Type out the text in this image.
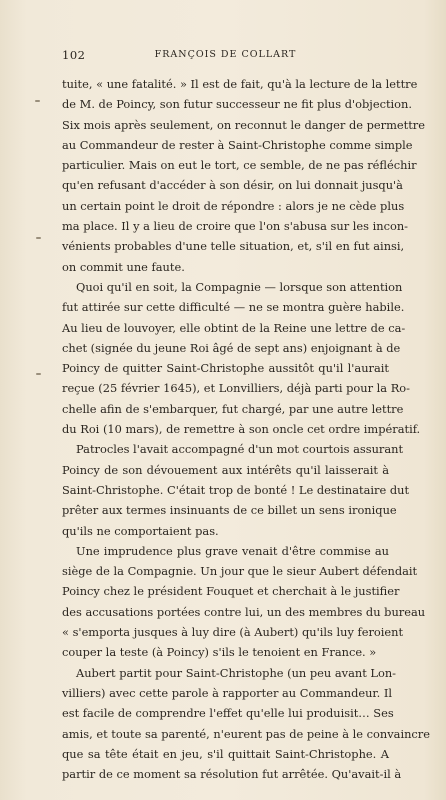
102	FRANÇOIS DE COLLART
tuite, « une fatalité. » Il est de fait, qu'à la lecture de la lettre
de M. de Poincy, son futur successeur ne fit plus d'objection.
Six mois après seulement, on reconnut le danger de permettre
au Commandeur de rester à Saint-Christophe comme simple
particulier. Mais on eut le tort, ce semble, de ne pas réfléchir
qu'en refusant d'accéder à son désir, on lui donnait jusqu'à
un certain point le droit de répondre : alors je ne cède plus
ma place. Il y a lieu de croire que l'on s'abusa sur les incon-
vénients probables d'une telle situation, et, s'il en fut ainsi,
on commit une faute.
Quoi qu'il en soit, la Compagnie — lorsque son attention
fut attirée sur cette difficulté — ne se montra guère habile.
Au lieu de louvoyer, elle obtint de la Reine une lettre de ca-
chet (signée du jeune Roi âgé de sept ans) enjoignant à de
Poincy de quitter Saint-Christophe aussitôt qu'il l'aurait
reçue (25 février 1645), et Lonvilliers, déjà parti pour la Ro-
chelle afin de s'embarquer, fut chargé, par une autre lettre
du Roi (10 mars), de remettre à son oncle cet ordre impératif.
Patrocles l'avait accompagné d'un mot courtois assurant
Poincy de son dévouement aux intérêts qu'il laisserait à
Saint-Christophe. C'était trop de bonté ! Le destinataire dut
prêter aux termes insinuants de ce billet un sens ironique
qu'ils ne comportaient pas.
Une imprudence plus grave venait d'être commise au
siège de la Compagnie. Un jour que le sieur Aubert défendait
Poincy chez le président Fouquet et cherchait à le justifier
des accusations portées contre lui, un des membres du bureau
« s'emporta jusques à luy dire (à Aubert) qu'ils luy feroient
couper la teste (à Poincy) s'ils le tenoient en France. »
Aubert partit pour Saint-Christophe (un peu avant Lon-
villiers) avec cette parole à rapporter au Commandeur. Il
est facile de comprendre l'effet qu'elle lui produisit… Ses
amis, et toute sa parenté, n'eurent pas de peine à le convaincre
que sa tête était en jeu, s'il quittait Saint-Christophe. A
partir de ce moment sa résolution fut arrêtée. Qu'avait-il à
